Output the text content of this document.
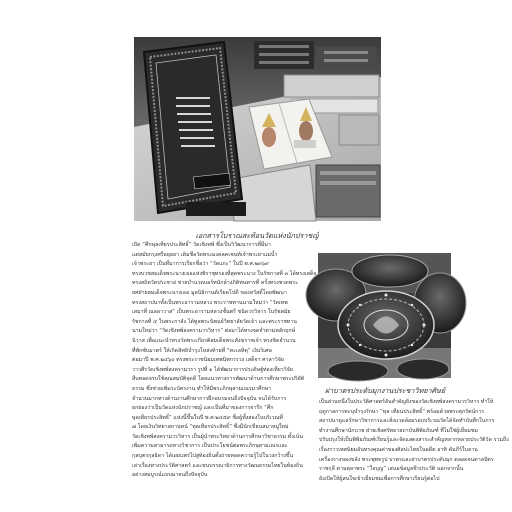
เอกสารโบราณสะท้อนวัดแห่งนักปราชญ์

เปิด “ศึกษุลเทียรประสิทธิ์” วัดเชิงทพ์ ซึ่งเป็นวิวัฒนาการที่มีมา

แต่สมัยกรุงศรีอยุธยา เดิมชื่อวัดพระมงคลคเชนท์เจ้าพระยาแม่น้ำ

เจ้าพระยา เป็นที่มาการเรียกชื่อว่า “วัดแกะ” ในปี พ.ศ.๒๓๖๙

ทรงบวชสมเด็จพระนางเธอแห่งพิราชุทรองที่สุดพระนาง ในรัชกาลที่ ๓ ได้ทรงเสด็จ

ทรงสถิตวัดประชาอ่ ข่ายบำนวดบอร์ทนักล้างภิติทนทารที่ ครั้งทรงชวดพระ

ยศฝ่ายสมเด็จพระนางเธอ มูลนิธิกานต์เรียดโปดี ของสวัสดิ์โดยพัฒนา

ทรงสถาปนาทั้งเป็นพระอารามหลวง พระราชทานนามใหม่ว่า “วัดเทพ

เสมาที่ ณลอาวาส” เป็นพระอารามหลวงชั้นตรี ชนิดวรวิหาร ในรัชสมัย

รัชกาลที่ ๔ ในพระกาลัง ได้ทูลพระนิพนธ์วิทยาลัยวัดเจ้า และพระราชทาน

นามใหม่ว่า “วัดเชิงทพ์สงครามวรวิหาร” ต่อมาได้ทรงจดจำตามหลักฤกษ์

นิวาส เพื่อแนะนำทรงวัดพระเกียรติสมเด็จพระสังฆราชเจ้า ทรงชิดจำนวน

ที่พักซับมาตร์ ให้เกิดสิทธิบำรุงโหล่งท้ายที่ “ทะเลหิตุ” เงินวิเศษ

ต่อมาปี พ.ศ.๒๔๖๐ ทรงพระราชนิยมเทพนิทกรรวง เสด็จฯ ศาลาวิจัย

วาวศีรวัดเชิงทพ์สงครามวรา รูปที่ ๑ ได้พัฒนาการประดิษฐ์ท่องเที่ยววิจัย

สืบทอดจรบใช้คุณสมบัติจุดดี โดยแนวทางการพัฒนาด้านการศึกษาพระปริยัติ

ธรรม ซึ่งช่วยเพิ่มระบัตรงาน ทำให้มีพระภิกษุสามเณรมาศึกษา

จำนวนมากทางด้านงานศึกษาการฝึกอบรมจนถึงปัจจุบัน จนได้รับการ

ยกย่องว่าเป็นวัดแห่งนักปราชญ์ และเป็นที่มาของการจารึก “ศึก

ษุลเทียรประสิทธิ์” แห่งนี้ขึ้นในปี พ.ศ.๒๔๕๙ ชื่อผู้ทั้งสองในบริเวณที่

๗ โดยเงินวิทยาสถานทน์ “ทุลเทียรประสิทธิ์” ซึ่งมีนักเขียนสมาหมู่ใหม่

วัดเชิงทพ์สงครามวรวิหาร เป็นผู้นำพระวิทยาด้านการศึกษาวิชาธรรม ทั้งเน้น

เพิ่มความสามารถทางวิชาการ เป็นประโยชน์ต่อพระภิกษุสามเณรและ

กุลบุตรกุลธิดา ได้เผยแพร่ไปสู่ท้องถิ่นตั้งถ่ายทอดความรู้ไปในวงกว้างขึ้น

เล่าเรื่องทางประวัติศาสตร์ และชนบรรณาธิการทางวัฒนธรรมไทยในท้องถิ่น

อย่างสมบูรณ์แบบมาจนถึงปัจจุบัน

ฝาบาตรประดับมุกงานประชาวิทยาศิษย์

เป็นส่วนหนึ่งในประวัติศาสตร์อันสำคัญยิ่งของวัดเชิงทพ์สงครามวรวิหาร ทำให้

ฤดูกาลการทะนุบำรุงรักษา “ทุล เทียนประสิทธิ์” พร้อมด้วยพระศุภรัตน์การ

สถาปนาดูแลรักษาวิชาการและสิ่งแวดล้อมรอบบริเวณวัดได้จัดทำบันทึกในการ

ทำงานศึกษานักบวช ฝ่ายเชิงศรัทธาสถาบันพิพิธภัณฑ์ ที่ไม่ใช่ผู้เยี่ยมชม

ปรับปรุงให้เป็นพิพิธภัณฑ์เรียนรู้และจัดแสดงสาระสำคัญหลากหลายประวัติวัด รวมถึง

เรื่องราวเทศนิยมอันทรงคุณค่าของศิลปะไทยในอดีต อาทิ คัมภีร์ใบลาน

เครื่องรางของขลัง พระพุทธรูป บาตรและฝาบาตรประดับมุก ตลอดจนตาลปัตร

ราชกุลี ตามตุลาพระ “ใจบุญ” เสนอข้อมูลชีวประวัติ นอกจากนั้น

ยังเปิดให้ผู้สนใจเข้าเยี่ยมชมเพื่อการศึกษาเรียนรู้ต่อไป
